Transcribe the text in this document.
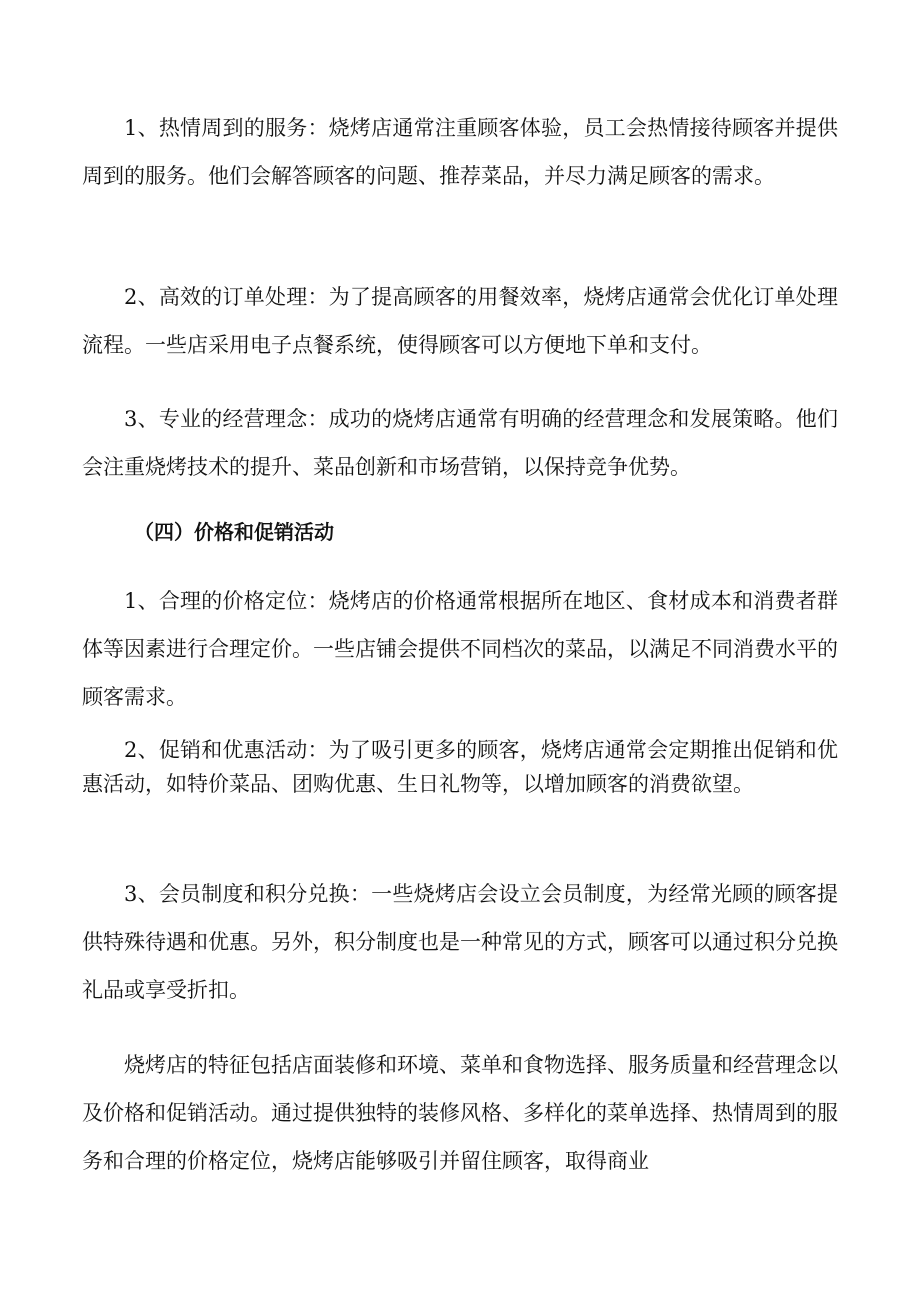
1、热情周到的服务：烧烤店通常注重顾客体验，员工会热情接待顾客并提供周到的服务。他们会解答顾客的问题、推荐菜品，并尽力满足顾客的需求。

2、高效的订单处理：为了提高顾客的用餐效率，烧烤店通常会优化订单处理流程。一些店采用电子点餐系统，使得顾客可以方便地下单和支付。

3、专业的经营理念：成功的烧烤店通常有明确的经营理念和发展策略。他们会注重烧烤技术的提升、菜品创新和市场营销，以保持竞争优势。

（四）价格和促销活动

1、合理的价格定位：烧烤店的价格通常根据所在地区、食材成本和消费者群体等因素进行合理定价。一些店铺会提供不同档次的菜品，以满足不同消费水平的顾客需求。

2、促销和优惠活动：为了吸引更多的顾客，烧烤店通常会定期推出促销和优惠活动，如特价菜品、团购优惠、生日礼物等，以增加顾客的消费欲望。

3、会员制度和积分兑换：一些烧烤店会设立会员制度，为经常光顾的顾客提供特殊待遇和优惠。另外，积分制度也是一种常见的方式，顾客可以通过积分兑换礼品或享受折扣。

烧烤店的特征包括店面装修和环境、菜单和食物选择、服务质量和经营理念以及价格和促销活动。通过提供独特的装修风格、多样化的菜单选择、热情周到的服务和合理的价格定位，烧烤店能够吸引并留住顾客，取得商业
